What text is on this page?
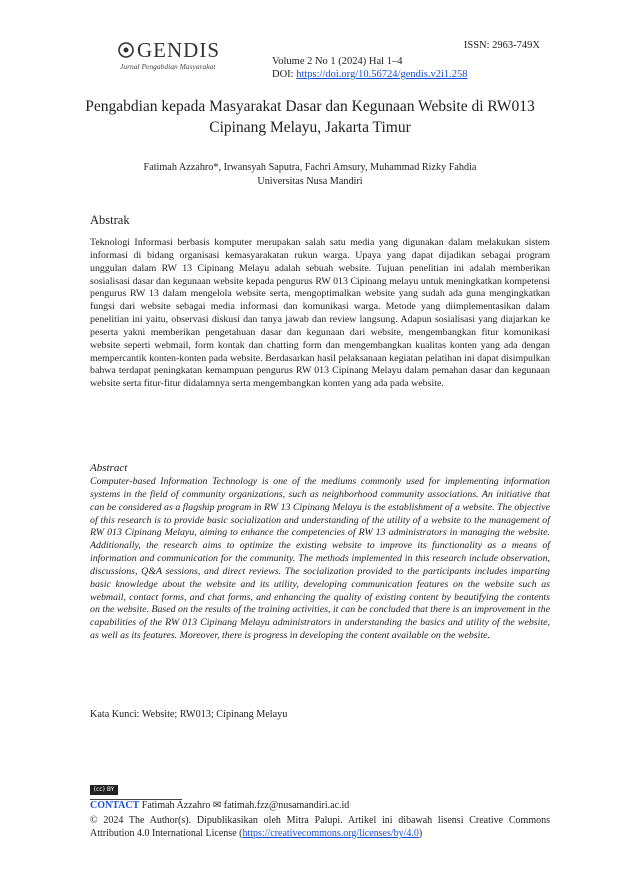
GENDIS
Jurnal Pengabdian Masyarakat
ISSN: 2963-749X
Volume 2 No 1 (2024) Hal 1–4
DOI: https://doi.org/10.56724/gendis.v2i1.258
Pengabdian kepada Masyarakat Dasar dan Kegunaan Website di RW013 Cipinang Melayu, Jakarta Timur
Fatimah Azzahro*, Irwansyah Saputra, Fachri Amsury, Muhammad Rizky Fahdia
Universitas Nusa Mandiri
Abstrak
Teknologi Informasi berbasis komputer merupakan salah satu media yang digunakan dalam melakukan sistem informasi di bidang organisasi kemasyarakatan rukun warga. Upaya yang dapat dijadikan sebagai program unggulan dalam RW 13 Cipinang Melayu adalah sebuah website. Tujuan penelitian ini adalah memberikan sosialisasi dasar dan kegunaan website kepada pengurus RW 013 Cipinang melayu untuk meningkatkan kompetensi pengurus RW 13 dalam mengelola website serta, mengoptimalkan website yang sudah ada guna mengingkatkan fungsi dari website sebagai media informasi dan komunikasi warga. Metode yang diimplementasikan dalam penelitian ini yaitu, observasi diskusi dan tanya jawab dan review langsung. Adapun sosialisasi yang diajarkan ke peserta yakni memberikan pengetahuan dasar dan kegunaan dari website, mengembangkan fitur komunikasi website seperti webmail, form kontak dan chatting form dan mengembangkan kualitas konten yang ada dengan mempercantik konten-konten pada website. Berdasarkan hasil pelaksanaan kegiatan pelatihan ini dapat disimpulkan bahwa terdapat peningkatan kemampuan pengurus RW 013 Cipinang Melayu dalam pemahan dasar dan kegunaan website serta fitur-fitur didalamnya serta mengembangkan konten yang ada pada website.
Abstract
Computer-based Information Technology is one of the mediums commonly used for implementing information systems in the field of community organizations, such as neighborhood community associations. An initiative that can be considered as a flagship program in RW 13 Cipinang Melayu is the establishment of a website. The objective of this research is to provide basic socialization and understanding of the utility of a website to the management of RW 013 Cipinang Melayu, aiming to enhance the competencies of RW 13 administrators in managing the website. Additionally, the research aims to optimize the existing website to improve its functionality as a means of information and communication for the community. The methods implemented in this research include observation, discussions, Q&A sessions, and direct reviews. The socialization provided to the participants includes imparting basic knowledge about the website and its utility, developing communication features on the website such as webmail, contact forms, and chat forms, and enhancing the quality of existing content by beautifying the contents on the website. Based on the results of the training activities, it can be concluded that there is an improvement in the capabilities of the RW 013 Cipinang Melayu administrators in understanding the basics and utility of the website, as well as its features. Moreover, there is progress in developing the content available on the website.
Kata Kunci: Website; RW013; Cipinang Melayu
(cc) BY
CONTACT Fatimah Azzahro ✉ fatimah.fzz@nusamandiri.ac.id
© 2024 The Author(s). Dipublikasikan oleh Mitra Palupi. Artikel ini dibawah lisensi Creative Commons Attribution 4.0 International License (https://creativecommons.org/licenses/by/4.0)
